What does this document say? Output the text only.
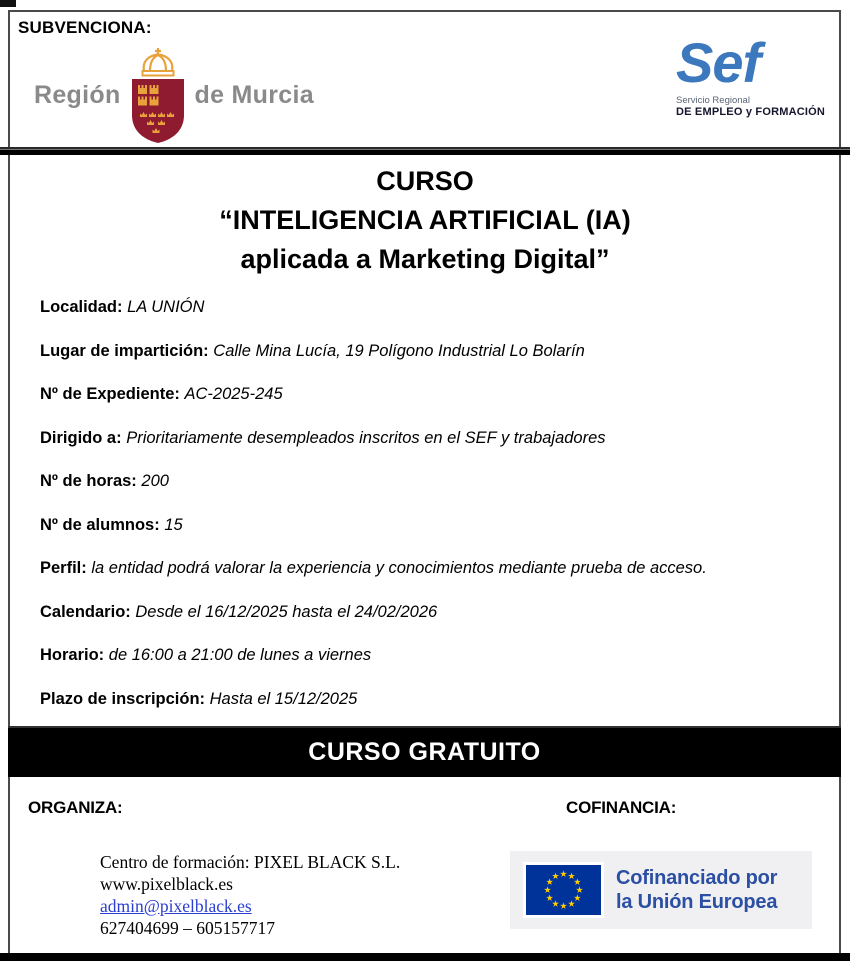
SUBVENCIONA:
Región	de Murcia
Sef
Servicio Regional
DE EMPLEO y FORMACIÓN
CURSO
“INTELIGENCIA ARTIFICIAL (IA)
aplicada a Marketing Digital”

Localidad: LA UNIÓN

Lugar de impartición: Calle Mina Lucía, 19 Polígono Industrial Lo Bolarín

Nº de Expediente: AC-2025-245

Dirigido a: Prioritariamente desempleados inscritos en el SEF y trabajadores

Nº de horas: 200

Nº de alumnos: 15

Perfil: la entidad podrá valorar la experiencia y conocimientos mediante prueba de acceso.

Calendario: Desde el 16/12/2025 hasta el 24/02/2026

Horario: de 16:00 a 21:00 de lunes a viernes

Plazo de inscripción: Hasta el 15/12/2025

CURSO GRATUITO
ORGANIZA:	COFINANCIA:
Centro de formación: PIXEL BLACK S.L.
www.pixelblack.es
admin@pixelblack.es
627404699 – 605157717
Cofinanciado por
la Unión Europea
